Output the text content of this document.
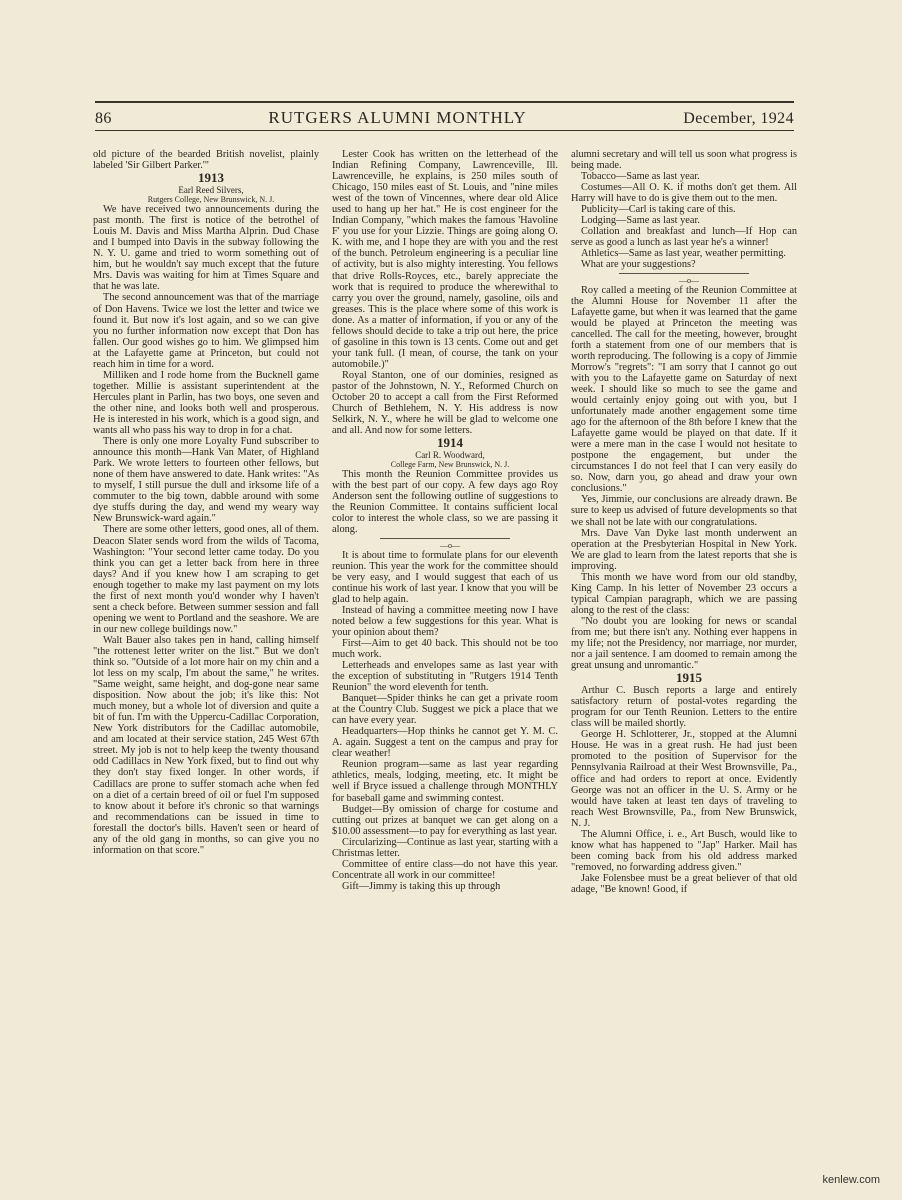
86	RUTGERS ALUMNI MONTHLY	December, 1924

old picture of the bearded British novelist, plainly labeled 'Sir Gilbert Parker.'"

1913

Earl Reed Silvers,

Rutgers College, New Brunswick, N. J.

We have received two announcements during the past month. The first is notice of the betrothel of Louis M. Davis and Miss Martha Alprin. Dud Chase and I bumped into Davis in the subway following the N. Y. U. game and tried to worm something out of him, but he wouldn't say much except that the future Mrs. Davis was waiting for him at Times Square and that he was late.

The second announcement was that of the marriage of Don Havens. Twice we lost the letter and twice we found it. But now it's lost again, and so we can give you no further information now except that Don has fallen. Our good wishes go to him. We glimpsed him at the Lafayette game at Princeton, but could not reach him in time for a word.

Milliken and I rode home from the Bucknell game together. Millie is assistant superintendent at the Hercules plant in Parlin, has two boys, one seven and the other nine, and looks both well and prosperous. He is interested in his work, which is a good sign, and wants all who pass his way to drop in for a chat.

There is only one more Loyalty Fund subscriber to announce this month—Hank Van Mater, of Highland Park. We wrote letters to fourteen other fellows, but none of them have answered to date. Hank writes: "As to myself, I still pursue the dull and irksome life of a commuter to the big town, dabble around with some dye stuffs during the day, and wend my weary way New Brunswick-ward again."

There are some other letters, good ones, all of them. Deacon Slater sends word from the wilds of Tacoma, Washington: "Your second letter came today. Do you think you can get a letter back from here in three days? And if you knew how I am scraping to get enough together to make my last payment on my lots the first of next month you'd wonder why I haven't sent a check before. Between summer session and fall opening we went to Portland and the seashore. We are in our new college buildings now."

Walt Bauer also takes pen in hand, calling himself "the rottenest letter writer on the list." But we don't think so. "Outside of a lot more hair on my chin and a lot less on my scalp, I'm about the same," he writes. "Same weight, same height, and dog-gone near same disposition. Now about the job; it's like this: Not much money, but a whole lot of diversion and quite a bit of fun. I'm with the Uppercu-Cadillac Corporation, New York distributors for the Cadillac automobile, and am located at their service station, 245 West 67th street. My job is not to help keep the twenty thousand odd Cadillacs in New York fixed, but to find out why they don't stay fixed longer. In other words, if Cadillacs are prone to suffer stomach ache when fed on a diet of a certain breed of oil or fuel I'm supposed to know about it before it's chronic so that warnings and recommendations can be issued in time to forestall the doctor's bills. Haven't seen or heard of any of the old gang in months, so can give you no information on that score."

Lester Cook has written on the letterhead of the Indian Refining Company, Lawrenceville, Ill. Lawrenceville, he explains, is 250 miles south of Chicago, 150 miles east of St. Louis, and "nine miles west of the town of Vincennes, where dear old Alice used to hang up her hat." He is cost engineer for the Indian Company, "which makes the famous 'Havoline F' you use for your Lizzie. Things are going along O. K. with me, and I hope they are with you and the rest of the bunch. Petroleum engineering is a peculiar line of activity, but is also mighty interesting. You fellows that drive Rolls-Royces, etc., barely appreciate the work that is required to produce the wherewithal to carry you over the ground, namely, gasoline, oils and greases. This is the place where some of this work is done. As a matter of information, if you or any of the fellows should decide to take a trip out here, the price of gasoline in this town is 13 cents. Come out and get your tank full. (I mean, of course, the tank on your automobile.)"

Royal Stanton, one of our dominies, resigned as pastor of the Johnstown, N. Y., Reformed Church on October 20 to accept a call from the First Reformed Church of Bethlehem, N. Y. His address is now Selkirk, N. Y., where he will be glad to welcome one and all. And now for some letters.

1914

Carl R. Woodward,

College Farm, New Brunswick, N. J.

This month the Reunion Committee provides us with the best part of our copy. A few days ago Roy Anderson sent the following outline of suggestions to the Reunion Committee. It contains sufficient local color to interest the whole class, so we are passing it along.

—o—

It is about time to formulate plans for our eleventh reunion. This year the work for the committee should be very easy, and I would suggest that each of us continue his work of last year. I know that you will be glad to help again.

Instead of having a committee meeting now I have noted below a few suggestions for this year. What is your opinion about them?

First—Aim to get 40 back. This should not be too much work.

Letterheads and envelopes same as last year with the exception of substituting in "Rutgers 1914 Tenth Reunion" the word eleventh for tenth.

Banquet—Spider thinks he can get a private room at the Country Club. Suggest we pick a place that we can have every year.

Headquarters—Hop thinks he cannot get Y. M. C. A. again. Suggest a tent on the campus and pray for clear weather!

Reunion program—same as last year regarding athletics, meals, lodging, meeting, etc. It might be well if Bryce issued a challenge through MONTHLY for baseball game and swimming contest.

Budget—By omission of charge for costume and cutting out prizes at banquet we can get along on a $10.00 assessment—to pay for everything as last year.

Circularizing—Continue as last year, starting with a Christmas letter.

Committee of entire class—do not have this year. Concentrate all work in our committee!

Gift—Jimmy is taking this up through

alumni secretary and will tell us soon what progress is being made.

Tobacco—Same as last year.

Costumes—All O. K. if moths don't get them. All Harry will have to do is give them out to the men.

Publicity—Carl is taking care of this.

Lodging—Same as last year.

Collation and breakfast and lunch—If Hop can serve as good a lunch as last year he's a winner!

Athletics—Same as last year, weather permitting.

What are your suggestions?

—o—

Roy called a meeting of the Reunion Committee at the Alumni House for November 11 after the Lafayette game, but when it was learned that the game would be played at Princeton the meeting was cancelled. The call for the meeting, however, brought forth a statement from one of our members that is worth reproducing. The following is a copy of Jimmie Morrow's "regrets": "I am sorry that I cannot go out with you to the Lafayette game on Saturday of next week. I should like so much to see the game and would certainly enjoy going out with you, but I unfortunately made another engagement some time ago for the afternoon of the 8th before I knew that the Lafayette game would be played on that date. If it were a mere man in the case I would not hesitate to postpone the engagement, but under the circumstances I do not feel that I can very easily do so. Now, darn you, go ahead and draw your own conclusions."

Yes, Jimmie, our conclusions are already drawn. Be sure to keep us advised of future developments so that we shall not be late with our congratulations.

Mrs. Dave Van Dyke last month underwent an operation at the Presbyterian Hospital in New York. We are glad to learn from the latest reports that she is improving.

This month we have word from our old standby, King Camp. In his letter of November 23 occurs a typical Campian paragraph, which we are passing along to the rest of the class:

"No doubt you are looking for news or scandal from me; but there isn't any. Nothing ever happens in my life; not the Presidency, nor marriage, nor murder, nor a jail sentence. I am doomed to remain among the great unsung and unromantic."

1915

Arthur C. Busch reports a large and entirely satisfactory return of postal-votes regarding the program for our Tenth Reunion. Letters to the entire class will be mailed shortly.

George H. Schlotterer, Jr., stopped at the Alumni House. He was in a great rush. He had just been promoted to the position of Supervisor for the Pennsylvania Railroad at their West Brownsville, Pa., office and had orders to report at once. Evidently George was not an officer in the U. S. Army or he would have taken at least ten days of traveling to reach West Brownsville, Pa., from New Brunswick, N. J.

The Alumni Office, i. e., Art Busch, would like to know what has happened to "Jap" Harker. Mail has been coming back from his old address marked "removed, no forwarding address given."

Jake Folensbee must be a great believer of that old adage, "Be known! Good, if

kenlew.com
